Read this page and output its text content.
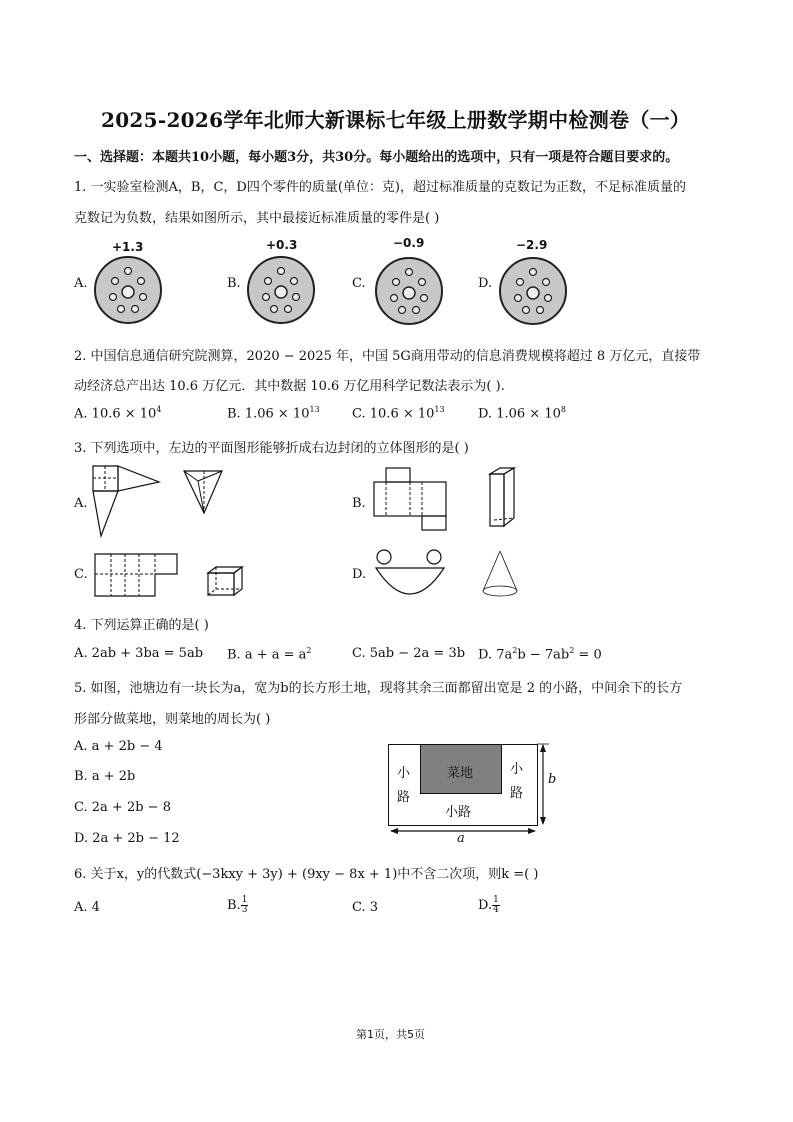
2025-2026学年北师大新课标七年级上册数学期中检测卷（一）
一、选择题：本题共10小题，每小题3分，共30分。每小题给出的选项中，只有一项是符合题目要求的。
1. 一实验室检测A，B，C，D四个零件的质量(单位：克)，超过标准质量的克数记为正数，不足标准质量的
克数记为负数，结果如图所示，其中最接近标准质量的零件是( )
+1.3
A.
+0.3
B.
−0.9
C.
−2.9
D.
2. 中国信息通信研究院测算，2020 − 2025 年，中国 5G商用带动的信息消费规模将超过 8 万亿元，直接带
动经济总产出达 10.6 万亿元．其中数据 10.6 万亿用科学记数法表示为( ).
A. $10.6 \times 10^4$	B. $1.06 \times 10^{13}$ C. $10.6 \times 10^{13}$	D. $1.06 \times 10^8$
3. 下列选项中，左边的平面图形能够折成右边封闭的立体图形的是( )
A.	B.
C.	D.
4. 下列运算正确的是( )
A. 2ab + 3ba = 5ab B. $a + a = a^2$	C. 5ab − 2a = 3b D. $7a^2b - 7ab^2 = 0$
5. 如图，池塘边有一块长为a，宽为b的长方形土地，现将其余三面都留出宽是 2 的小路，中间余下的长方
形部分做菜地，则菜地的周长为( )
A. a + 2b − 4
B. a + 2b
C. 2a + 2b − 8
D. 2a + 2b − 12
菜地
小
路
小
路
小路
a
b
6. 关于x，y的代数式(−3kxy + 3y) + (9xy − 8x + 1)中不含二次项，则k =( )
A. 4	B. $\frac{1}{3}$	C. 3	D. $\frac{1}{4}$
第1页，共5页
